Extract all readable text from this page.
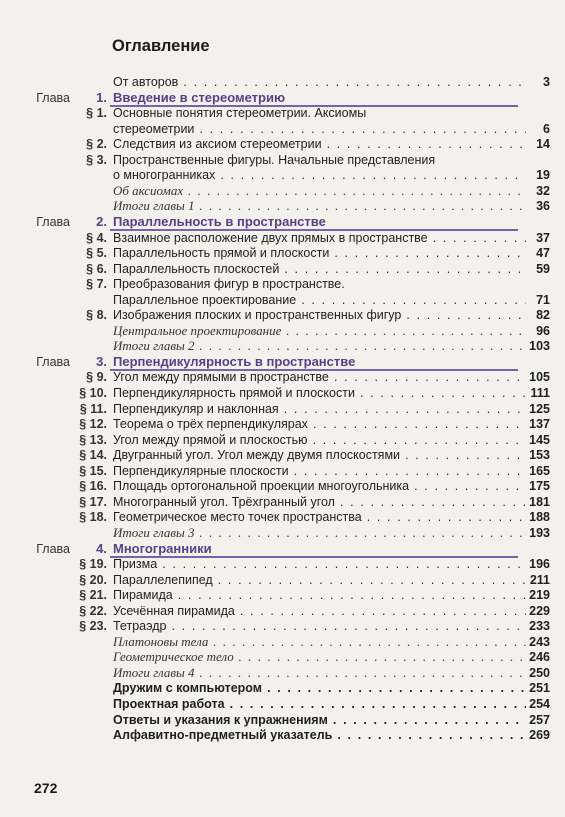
Оглавление
От авторов . . .	3
Глава	1. Введение в стереометрию
§ 1. Основные понятия стереометрии. Аксиомы
стереометрии . . .	6
§ 2. Следствия из аксиом стереометрии . . .	14
§ 3. Пространственные фигуры. Начальные представления
о многогранниках . . .	19
Об аксиомах . . .	32
Итоги главы 1 . . .	36
Глава	2. Параллельность в пространстве
§ 4. Взаимное расположение двух прямых в пространстве . . .	37
§ 5. Параллельность прямой и плоскости . . .	47
§ 6. Параллельность плоскостей . . .	59
§ 7. Преобразования фигур в пространстве.
Параллельное проектирование . . .	71
§ 8. Изображения плоских и пространственных фигур . . .	82
Центральное проектирование . . .	96
Итоги главы 2 . . .	103
Глава	3. Перпендикулярность в пространстве
§ 9. Угол между прямыми в пространстве . . .	105
§ 10. Перпендикулярность прямой и плоскости . . .	111
§ 11. Перпендикуляр и наклонная . . .	125
§ 12. Теорема о трёх перпендикулярах . . .	137
§ 13. Угол между прямой и плоскостью . . .	145
§ 14. Двугранный угол. Угол между двумя плоскостями . . .	153
§ 15. Перпендикулярные плоскости . . .	165
§ 16. Площадь ортогональной проекции многоугольника . . .	175
§ 17. Многогранный угол. Трёхгранный угол . . .	181
§ 18. Геометрическое место точек пространства . . .	188
Итоги главы 3 . . .	193
Глава	4. Многогранники
§ 19. Призма . . .	196
§ 20. Параллелепипед . . .	211
§ 21. Пирамида . . .	219
§ 22. Усечённая пирамида . . .	229
§ 23. Тетраэдр . . .	233
Платоновы тела . . .	243
Геометрическое тело . . .	246
Итоги главы 4 . . .	250
Дружим с компьютером . . .	251
Проектная работа . . .	254
Ответы и указания к упражнениям . . .	257
Алфавитно-предметный указатель . . .	269
272
